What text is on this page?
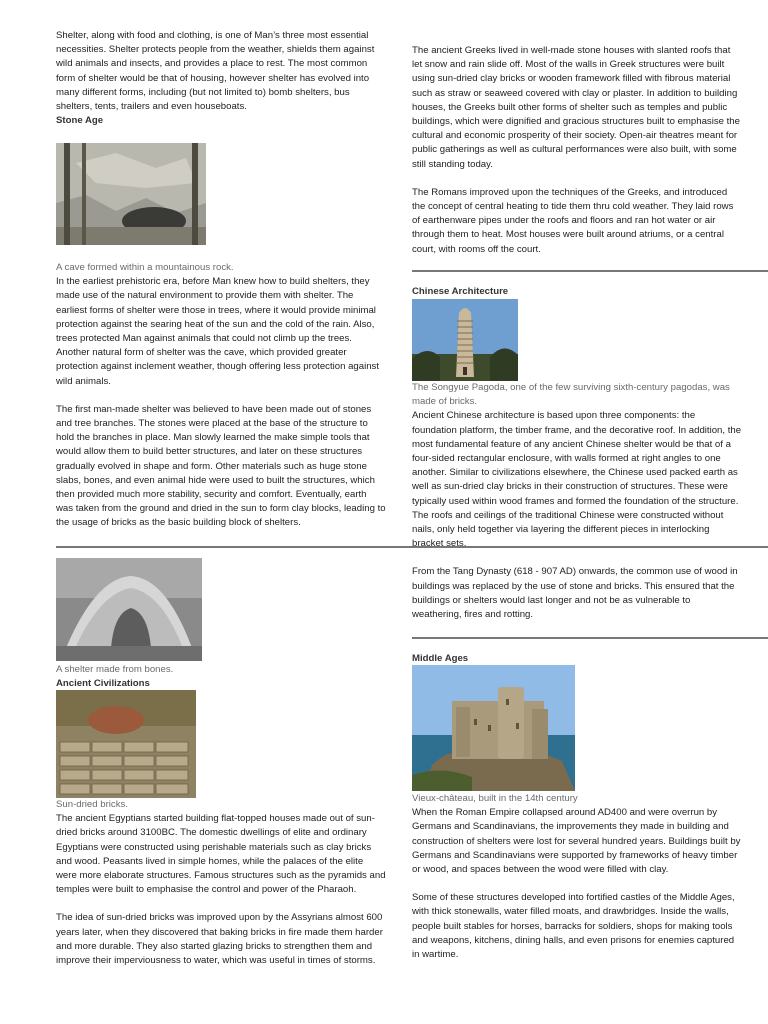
Shelter, along with food and clothing, is one of Man’s three most essential necessities. Shelter protects people from the weather, shields them against wild animals and insects, and provides a place to rest. The most common form of shelter would be that of housing, however shelter has evolved into many different forms, including (but not limited to) bomb shelters, bus shelters, tents, trailers and even houseboats.

Stone Age

A cave formed within a mountainous rock.

In the earliest prehistoric era, before Man knew how to build shelters, they made use of the natural environment to provide them with shelter. The earliest forms of shelter were those in trees, where it would provide minimal protection against the searing heat of the sun and the cold of the rain. Also, trees protected Man against animals that could not climb up the trees. Another natural form of shelter was the cave, which provided greater protection against inclement weather, though offering less protection against wild animals.

The first man-made shelter was believed to have been made out of stones and tree branches. The stones were placed at the base of the structure to hold the branches in place. Man slowly learned the make simple tools that would allow them to build better structures, and later on these structures gradually evolved in shape and form. Other materials such as huge stone slabs, bones, and even animal hide were used to built the structures, which then provided much more stability, security and comfort. Eventually, earth was taken from the ground and dried in the sun to form clay blocks, leading to the usage of bricks as the basic building block of shelters.

A shelter made from bones.

Ancient Civilizations

Sun-dried bricks.

The ancient Egyptians started building flat-topped houses made out of sun-dried bricks around 3100BC. The domestic dwellings of elite and ordinary Egyptians were constructed using perishable materials such as clay bricks and wood. Peasants lived in simple homes, while the palaces of the elite were more elaborate structures. Famous structures such as the pyramids and temples were built to emphasise the control and power of the Pharaoh.

The idea of sun-dried bricks was improved upon by the Assyrians almost 600 years later, when they discovered that baking bricks in fire made them harder and more durable. They also started glazing bricks to strengthen them and improve their imperviousness to water, which was useful in times of storms.

The ancient Greeks lived in well-made stone houses with slanted roofs that let snow and rain slide off. Most of the walls in Greek structures were built using sun-dried clay bricks or wooden framework filled with fibrous material such as straw or seaweed covered with clay or plaster. In addition to building houses, the Greeks built other forms of shelter such as temples and public buildings, which were dignified and gracious structures built to emphasise the cultural and economic prosperity of their society. Open-air theatres meant for public gatherings as well as cultural performances were also built, with some still standing today.

The Romans improved upon the techniques of the Greeks, and introduced the concept of central heating to tide them thru cold weather. They laid rows of earthenware pipes under the roofs and floors and ran hot water or air through them to heat. Most houses were built around atriums, or a central court, with rooms off the court.

Chinese Architecture

The Songyue Pagoda, one of the few surviving sixth-century pagodas, was made of bricks.

Ancient Chinese architecture is based upon three components: the foundation platform, the timber frame, and the decorative roof. In addition, the most fundamental feature of any ancient Chinese shelter would be that of a four-sided rectangular enclosure, with walls formed at right angles to one another. Similar to civilizations elsewhere, the Chinese used packed earth as well as sun-dried clay bricks in their construction of structures. These were typically used within wood frames and formed the foundation of the structure. The roofs and ceilings of the traditional Chinese were constructed without nails, only held together via layering the different pieces in interlocking bracket sets.

From the Tang Dynasty (618 - 907 AD) onwards, the common use of wood in buildings was replaced by the use of stone and bricks. This ensured that the buildings or shelters would last longer and not be as vulnerable to weathering, fires and rotting.

Middle Ages

Vieux-château, built in the 14th century

When the Roman Empire collapsed around AD400 and were overrun by Germans and Scandinavians, the improvements they made in building and construction of shelters were lost for several hundred years. Buildings built by Germans and Scandinavians were supported by frameworks of heavy timber or wood, and spaces between the wood were filled with clay.

Some of these structures developed into fortified castles of the Middle Ages, with thick stonewalls, water filled moats, and drawbridges. Inside the walls, people built stables for horses, barracks for soldiers, shops for making tools and weapons, kitchens, dining halls, and even prisons for enemies captured in wartime.
